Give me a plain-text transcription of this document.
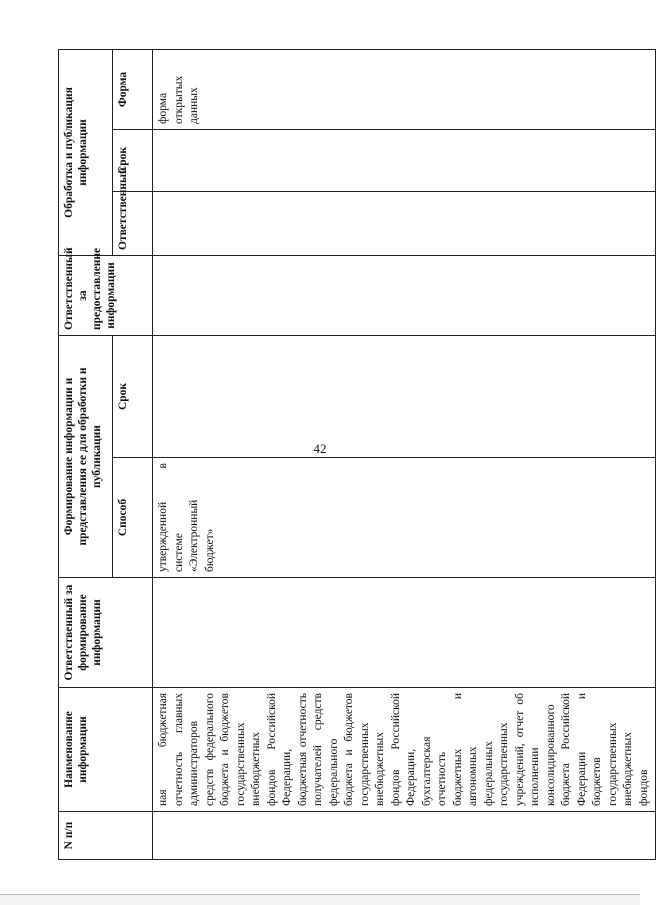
42
N п/п	Наименование информации	Ответственный за формирование информации	Формирование информации и представления ее для обработки и публикации		Ответственный за предоставление информации	Обработка и публикация информации		
			Способ	Срок		Ответственный	Срок	Форма

	ная бюджетная отчетность главных администраторов средств федерального бюджета и бюджетов государственных внебюджетных фондов Российской Федерации, бюджетная отчетность получателей средств федерального бюджета и бюджетов государственных внебюджетных фондов Российской Федерации, бухгалтерская отчетность бюджетных и автономных федеральных государственных учреждений, отчет об исполнении консолидированного бюджета Российской Федерации и бюджетов государственных внебюджетных фондов		утвержденной в системе «Электронный бюджет»					форма открытых данных
